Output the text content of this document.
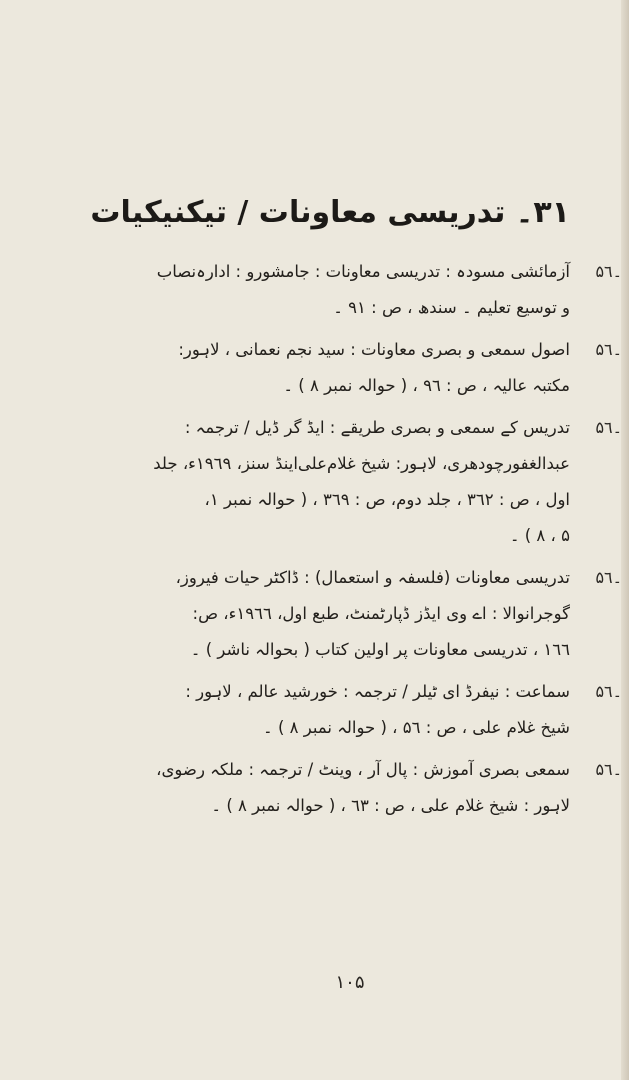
۳۱۔ تدریسی معاونات / تیکنیکیات
۔۵٦
آزمائشی مسودہ : تدریسی معاونات : جامشورو : ادارہ‌نصاب
و توسیع تعلیم ۔ سندھ ، ص : ۹۱ ۔
۔۵٦
اصول سمعی و بصری معاونات : سید نجم نعمانی ، لاہور:
مکتبہ عالیہ ، ص : ۹٦ ، ( حوالہ نمبر ۸ ) ۔
۔۵٦
تدریس کے سمعی و بصری طریقے : ایڈ گر ڈیل / ترجمہ :
عبدالغفورچودھری، لاہور: شیخ غلام‌علی‌اینڈ سنز، ۱۹٦۹ء، جلد
اول ، ص : ۳٦۲ ، جلد دوم، ص : ۳٦۹ ، ( حوالہ نمبر ۱،
۵ ، ۸ ) ۔
۔۵٦
تدریسی معاونات (فلسفہ و استعمال) : ڈاکٹر حیات فیروز،
گوجرانوالا : اے وی ایڈز ڈپارٹمنٹ، طبع اول، ۱۹٦٦ء، ص:
۱٦٦ ، تدریسی معاونات پر اولین کتاب ( بحوالہ ناشر ) ۔
۔۵٦
سماعت : نیفرڈ ای ٹیلر / ترجمہ : خورشید عالم ، لاہور :
شیخ غلام علی ، ص : ۵٦ ، ( حوالہ نمبر ۸ ) ۔
۔۵٦
سمعی بصری آموزش : پال آر ، وینٹ / ترجمہ : ملکہ رضوی،
لاہور : شیخ غلام علی ، ص : ٦۳ ، ( حوالہ نمبر ۸ ) ۔
۱۰۵
